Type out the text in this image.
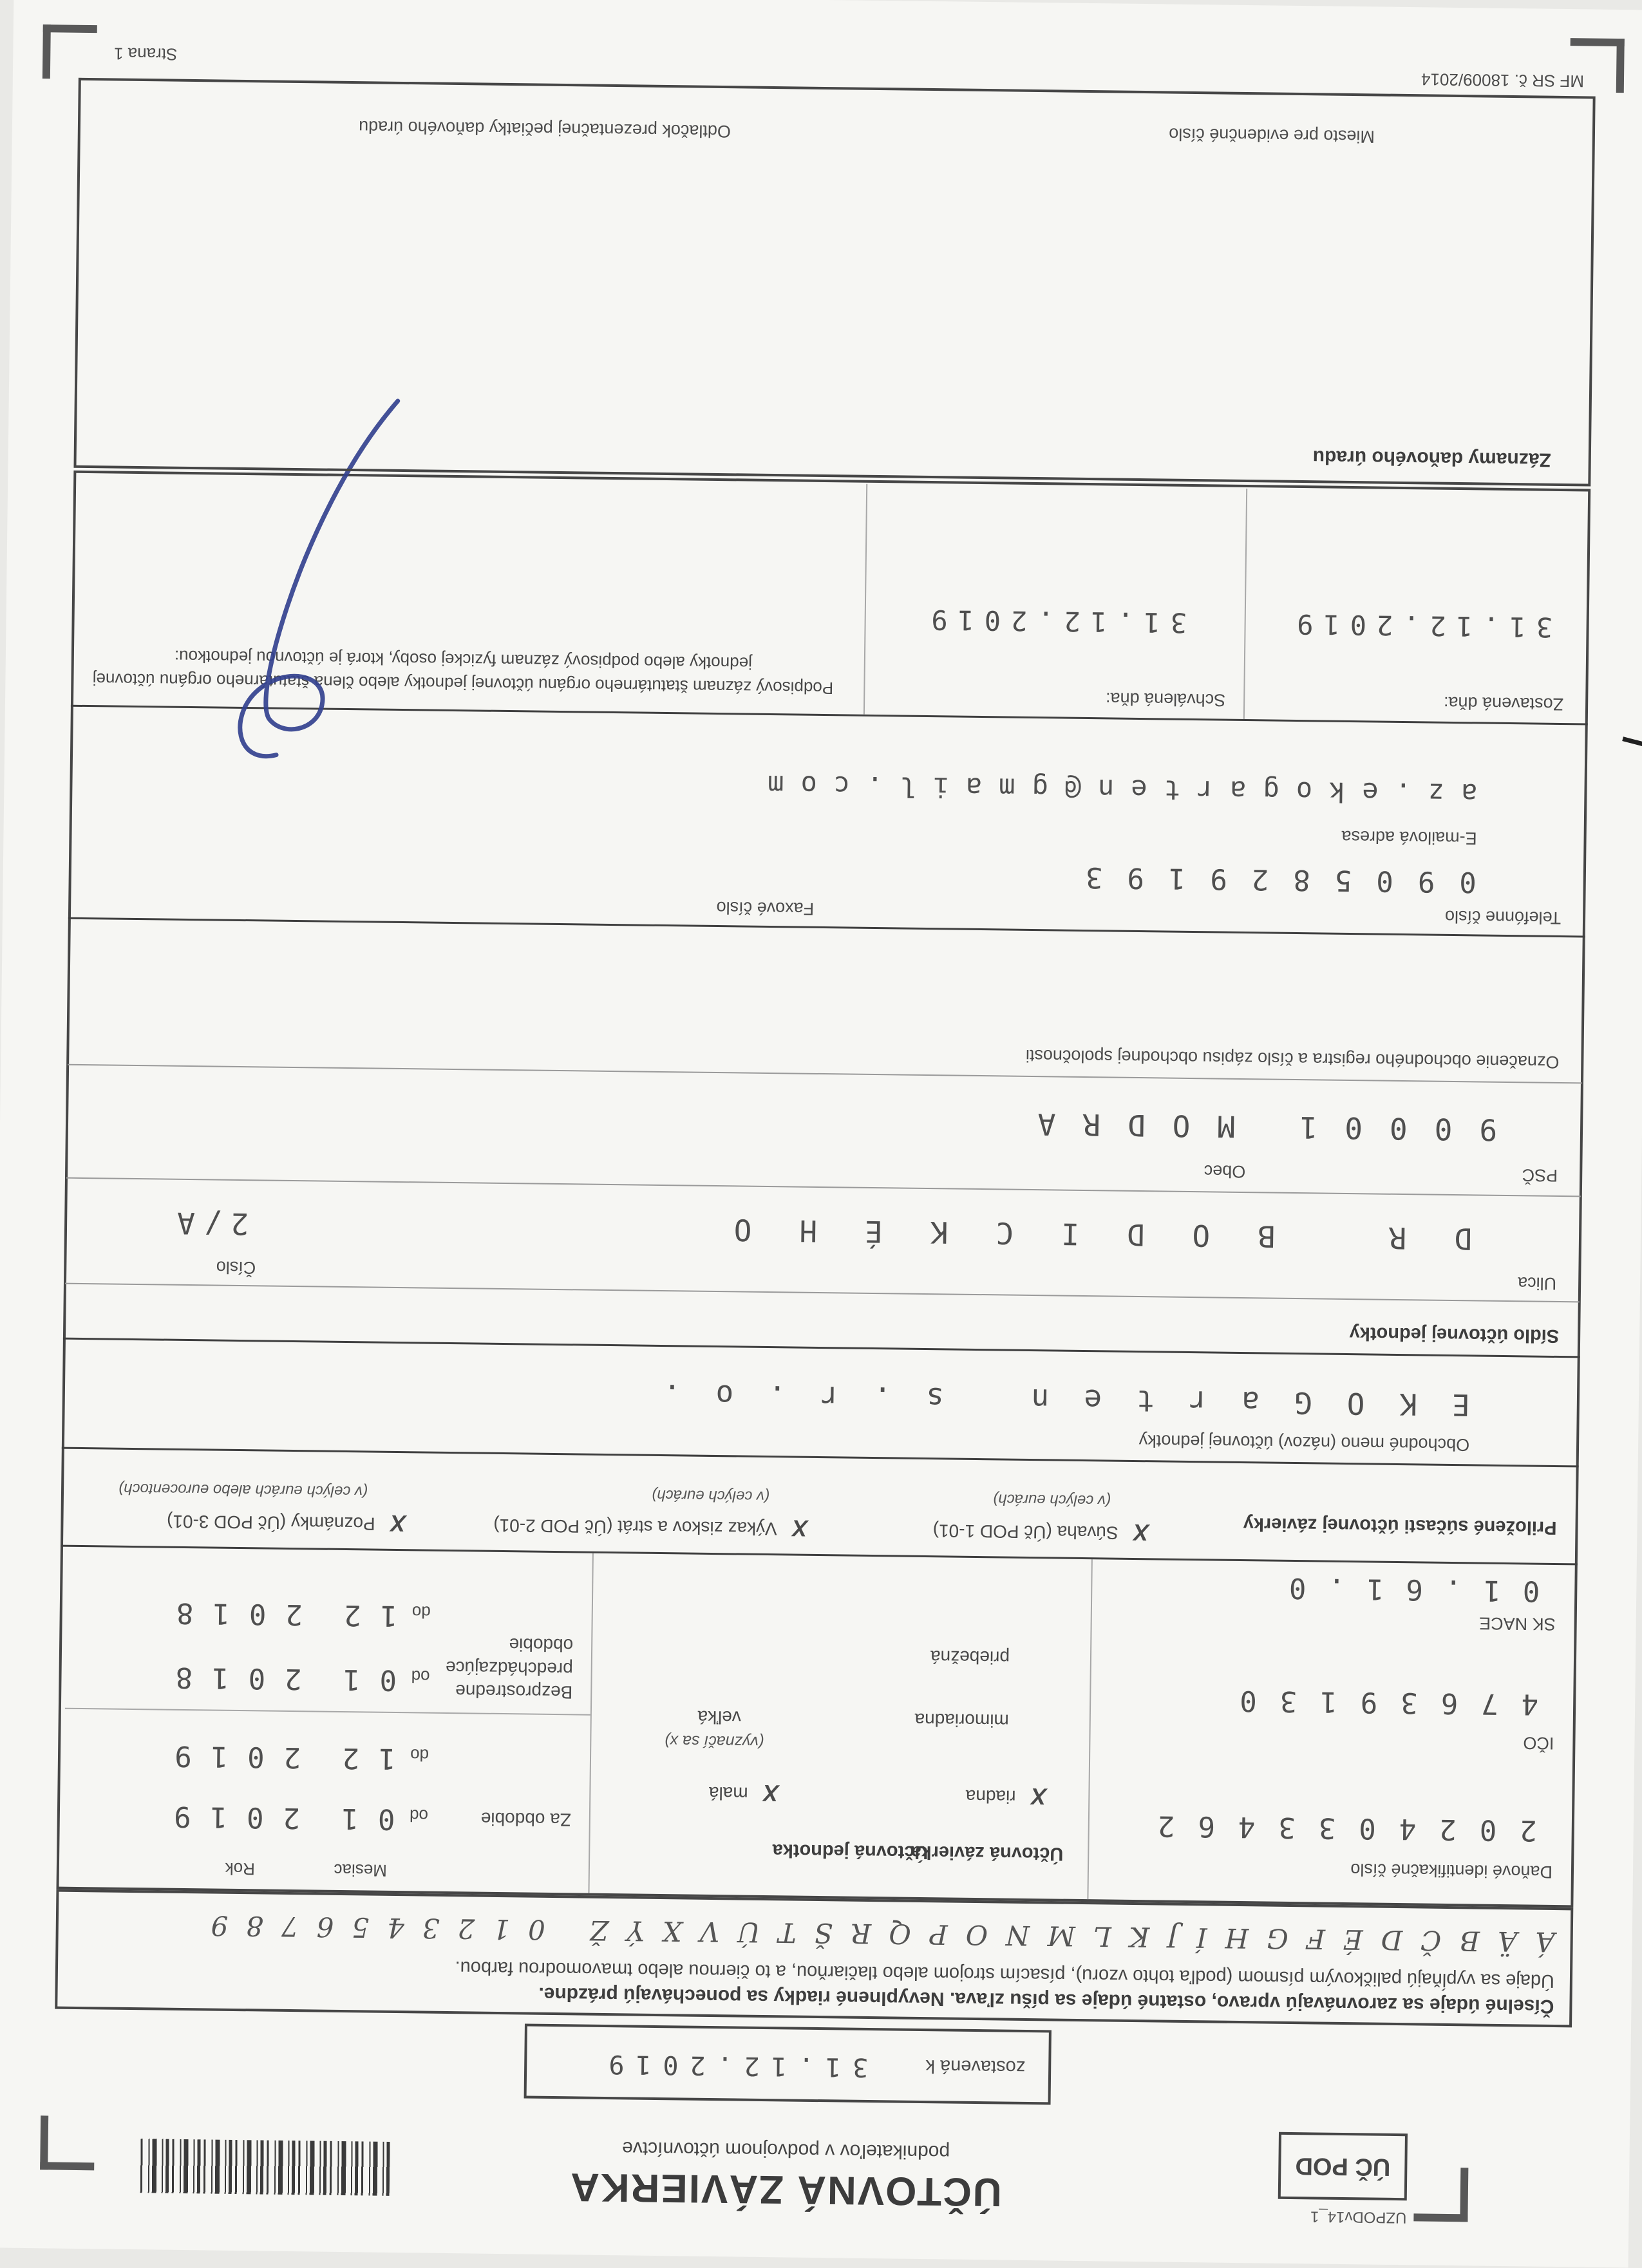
UZPODv14_1
ÚČ POD
ÚČTOVNÁ ZÁVIERKA
podnikateľov v podvojnom účtovníctve
zostavená k
31.12.2019
Číselné údaje sa zarovnávajú vpravo, ostatné údaje sa píšu zľava. Nevyplnené riadky sa ponechávajú prázdne.
Údaje sa vypĺňajú paličkovým písmom (podľa tohto vzoru), písacím strojom alebo tlačiarňou, a to čiernou alebo tmavomodrou farbou.
ÁÄBČDÉFGHÍJKLMNOPQRŠTÚVXÝŽ 0123456789
Daňové identifikačné číslo
2024033462
IČO
47639130
SK NACE
01.61.0
Účtovná závierka
X riadna
mimoriadna
priebežná
Účtovná jednotka
X malá
(vyznačí sa x)
veľká
Mesiac
Rok
Za obdobie
od 01 2019
do 12 2019
Bezprostredne predchádzajúce obdobie
od 01 2018
do 12 2018
Priložené súčasti účtovnej závierky
X Súvaha (Úč POD 1-01)
(v celých eurách)
X Výkaz ziskov a strát (Úč POD 2-01)
(v celých eurách)
X Poznámky (Úč POD 3-01)
(v celých eurách alebo eurocentoch)
Obchodné meno (názov) účtovnej jednotky
EKOGarten s.r.o.
Sídlo účtovnej jednotky
Ulica
Číslo
DR BODICKÉHO
2/A
PSČ
Obec
90001
MODRA
Označenie obchodného registra a číslo zápisu obchodnej spoločnosti
Telefónne číslo
Faxové číslo
0905829193
E-mailová adresa
az.ekogarten@gmail.com
Zostavená dňa:
31.12.2019
Schválená dňa:
31.12.2019
Podpisový záznam štatutárneho orgánu účtovnej jednotky alebo člena štatutárneho orgánu účtovnej jednotky alebo podpisový záznam fyzickej osoby, ktorá je účtovnou jednotkou:
Záznamy daňového úradu
Miesto pre evidenčné číslo
Odtlačok prezentačnej pečiatky daňového úradu
MF SR č. 18009/2014
Strana 1
